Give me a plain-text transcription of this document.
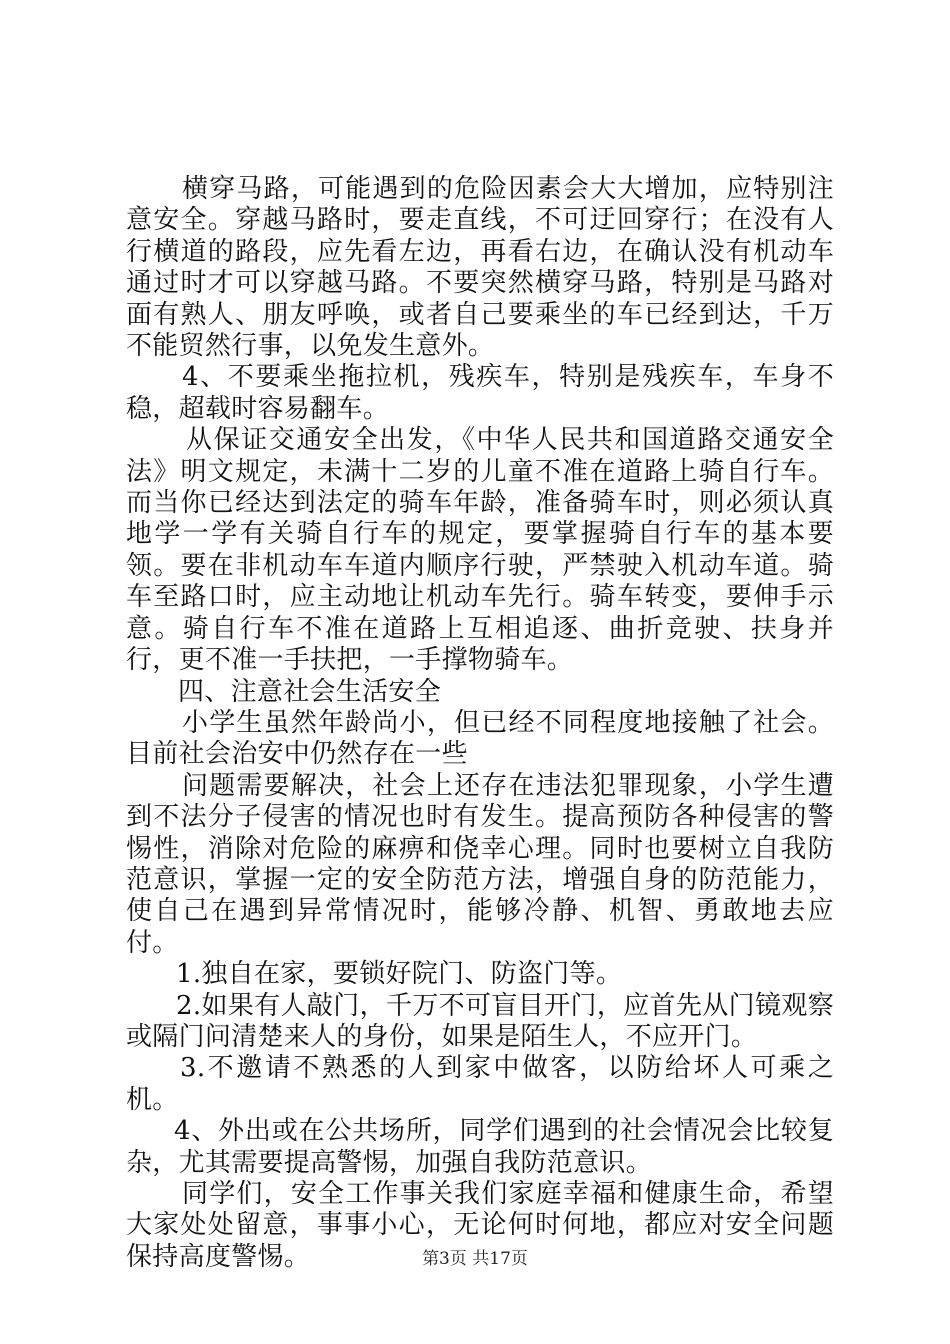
横穿马路，可能遇到的危险因素会大大增加，应特别注意安全。穿越马路时，要走直线，不可迂回穿行；在没有人行横道的路段，应先看左边，再看右边，在确认没有机动车通过时才可以穿越马路。不要突然横穿马路，特别是马路对面有熟人、朋友呼唤，或者自己要乘坐的车已经到达，千万不能贸然行事，以免发生意外。

4、不要乘坐拖拉机，残疾车，特别是残疾车，车身不稳，超载时容易翻车。

从保证交通安全出发，《中华人民共和国道路交通安全法》明文规定，未满十二岁的儿童不准在道路上骑自行车。而当你已经达到法定的骑车年龄，准备骑车时，则必须认真地学一学有关骑自行车的规定，要掌握骑自行车的基本要领。要在非机动车车道内顺序行驶，严禁驶入机动车道。骑车至路口时，应主动地让机动车先行。骑车转变，要伸手示意。骑自行车不准在道路上互相追逐、曲折竞驶、扶身并行，更不准一手扶把，一手撑物骑车。

四、注意社会生活安全

小学生虽然年龄尚小，但已经不同程度地接触了社会。目前社会治安中仍然存在一些

问题需要解决，社会上还存在违法犯罪现象，小学生遭到不法分子侵害的情况也时有发生。提高预防各种侵害的警惕性，消除对危险的麻痹和侥幸心理。同时也要树立自我防范意识，掌握一定的安全防范方法，增强自身的防范能力，使自己在遇到异常情况时，能够冷静、机智、勇敢地去应付。

1.独自在家，要锁好院门、防盗门等。

2.如果有人敲门，千万不可盲目开门，应首先从门镜观察或隔门问清楚来人的身份，如果是陌生人，不应开门。

3.不邀请不熟悉的人到家中做客，以防给坏人可乘之机。

4、外出或在公共场所，同学们遇到的社会情况会比较复杂，尤其需要提高警惕，加强自我防范意识。

同学们，安全工作事关我们家庭幸福和健康生命，希望大家处处留意，事事小心，无论何时何地，都应对安全问题保持高度警惕。	第3页 共17页
